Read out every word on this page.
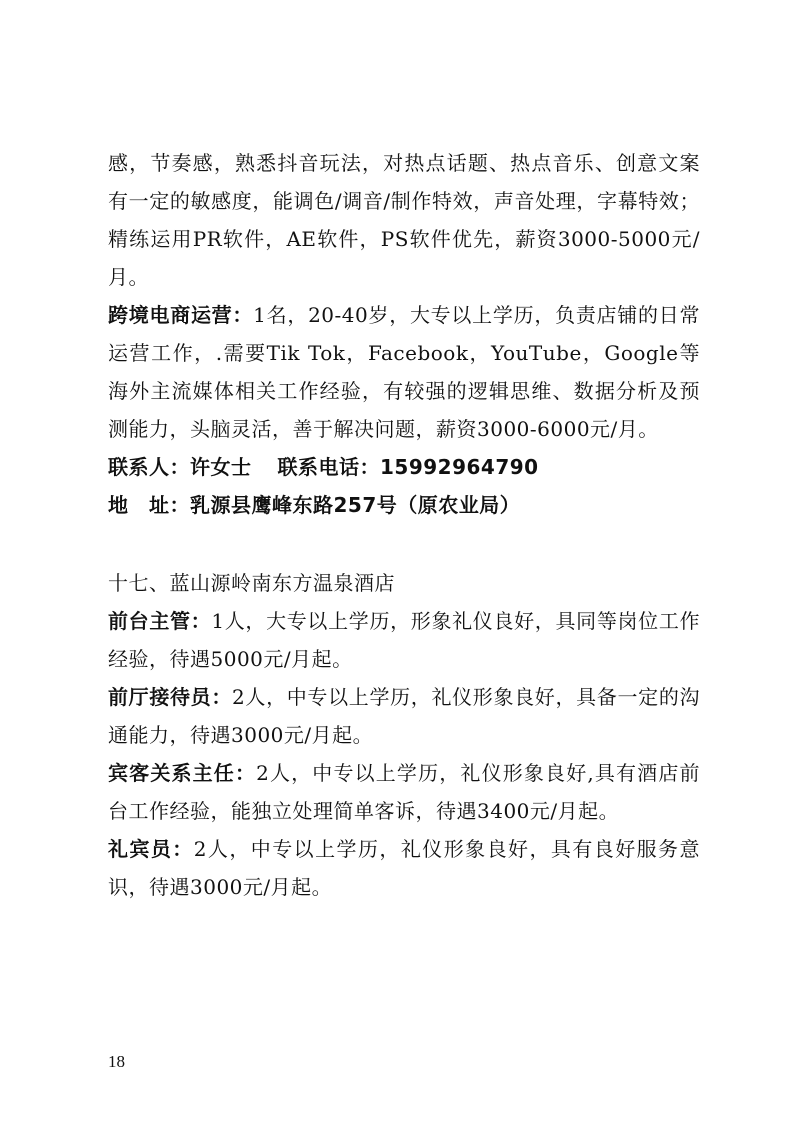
感，节奏感，熟悉抖音玩法，对热点话题、热点音乐、创意文案有一定的敏感度，能调色/调音/制作特效，声音处理，字幕特效；精练运用PR软件，AE软件，PS软件优先，薪资3000-5000元/月。

跨境电商运营：1名，20-40岁，大专以上学历，负责店铺的日常运营工作，.需要Tik Tok，Facebook，YouTube，Google等海外主流媒体相关工作经验，有较强的逻辑思维、数据分析及预测能力，头脑灵活，善于解决问题，薪资3000-6000元/月。

联系人：许女士 联系电话：15992964790

地　址：乳源县鹰峰东路257号（原农业局）

十七、蓝山源岭南东方温泉酒店

前台主管：1人，大专以上学历，形象礼仪良好，具同等岗位工作经验，待遇5000元/月起。

前厅接待员：2人，中专以上学历，礼仪形象良好，具备一定的沟通能力，待遇3000元/月起。

宾客关系主任：2人，中专以上学历，礼仪形象良好,具有酒店前台工作经验，能独立处理简单客诉，待遇3400元/月起。

礼宾员：2人，中专以上学历，礼仪形象良好，具有良好服务意识，待遇3000元/月起。

18
